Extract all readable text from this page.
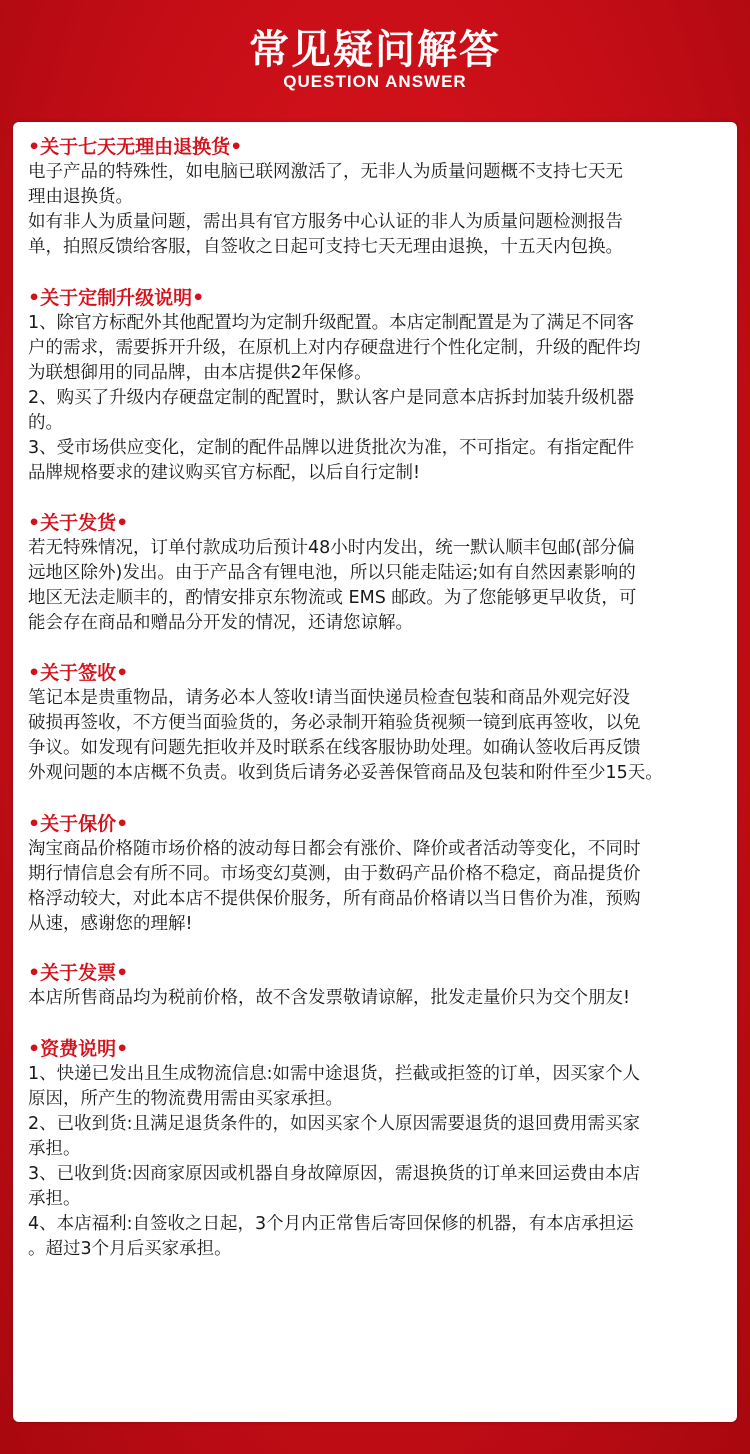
常见疑问解答
QUESTION ANSWER
•关于七天无理由退换货•
电子产品的特殊性，如电脑已联网激活了，无非人为质量问题概不支持七天无
理由退换货。
如有非人为质量问题，需出具有官方服务中心认证的非人为质量问题检测报告
单，拍照反馈给客服，自签收之日起可支持七天无理由退换，十五天内包换。
•关于定制升级说明•
1、除官方标配外其他配置均为定制升级配置。本店定制配置是为了满足不同客
户的需求，需要拆开升级，在原机上对内存硬盘进行个性化定制，升级的配件均
为联想御用的同品牌，由本店提供2年保修。
2、购买了升级内存硬盘定制的配置时，默认客户是同意本店拆封加装升级机器
的。
3、受市场供应变化，定制的配件品牌以进货批次为准，不可指定。有指定配件
品牌规格要求的建议购买官方标配，以后自行定制!
•关于发货•
若无特殊情况，订单付款成功后预计48小时内发出，统一默认顺丰包邮(部分偏
远地区除外)发出。由于产品含有锂电池，所以只能走陆运;如有自然因素影响的
地区无法走顺丰的，酌情安排京东物流或 EMS 邮政。为了您能够更早收货，可
能会存在商品和赠品分开发的情况，还请您谅解。
•关于签收•
笔记本是贵重物品，请务必本人签收!请当面快递员检查包装和商品外观完好没
破损再签收，不方便当面验货的，务必录制开箱验货视频一镜到底再签收，以免
争议。如发现有问题先拒收并及时联系在线客服协助处理。如确认签收后再反馈
外观问题的本店概不负责。收到货后请务必妥善保管商品及包装和附件至少15天。
•关于保价•
淘宝商品价格随市场价格的波动每日都会有涨价、降价或者活动等变化，不同时
期行情信息会有所不同。市场变幻莫测，由于数码产品价格不稳定，商品提货价
格浮动较大，对此本店不提供保价服务，所有商品价格请以当日售价为准，预购
从速，感谢您的理解!
•关于发票•
本店所售商品均为税前价格，故不含发票敬请谅解，批发走量价只为交个朋友!
•资费说明•
1、快递已发出且生成物流信息:如需中途退货，拦截或拒签的订单，因买家个人
原因，所产生的物流费用需由买家承担。
2、已收到货:且满足退货条件的，如因买家个人原因需要退货的退回费用需买家
承担。
3、已收到货:因商家原因或机器自身故障原因，需退换货的订单来回运费由本店
承担。
4、本店福利:自签收之日起，3个月内正常售后寄回保修的机器，有本店承担运
。超过3个月后买家承担。
